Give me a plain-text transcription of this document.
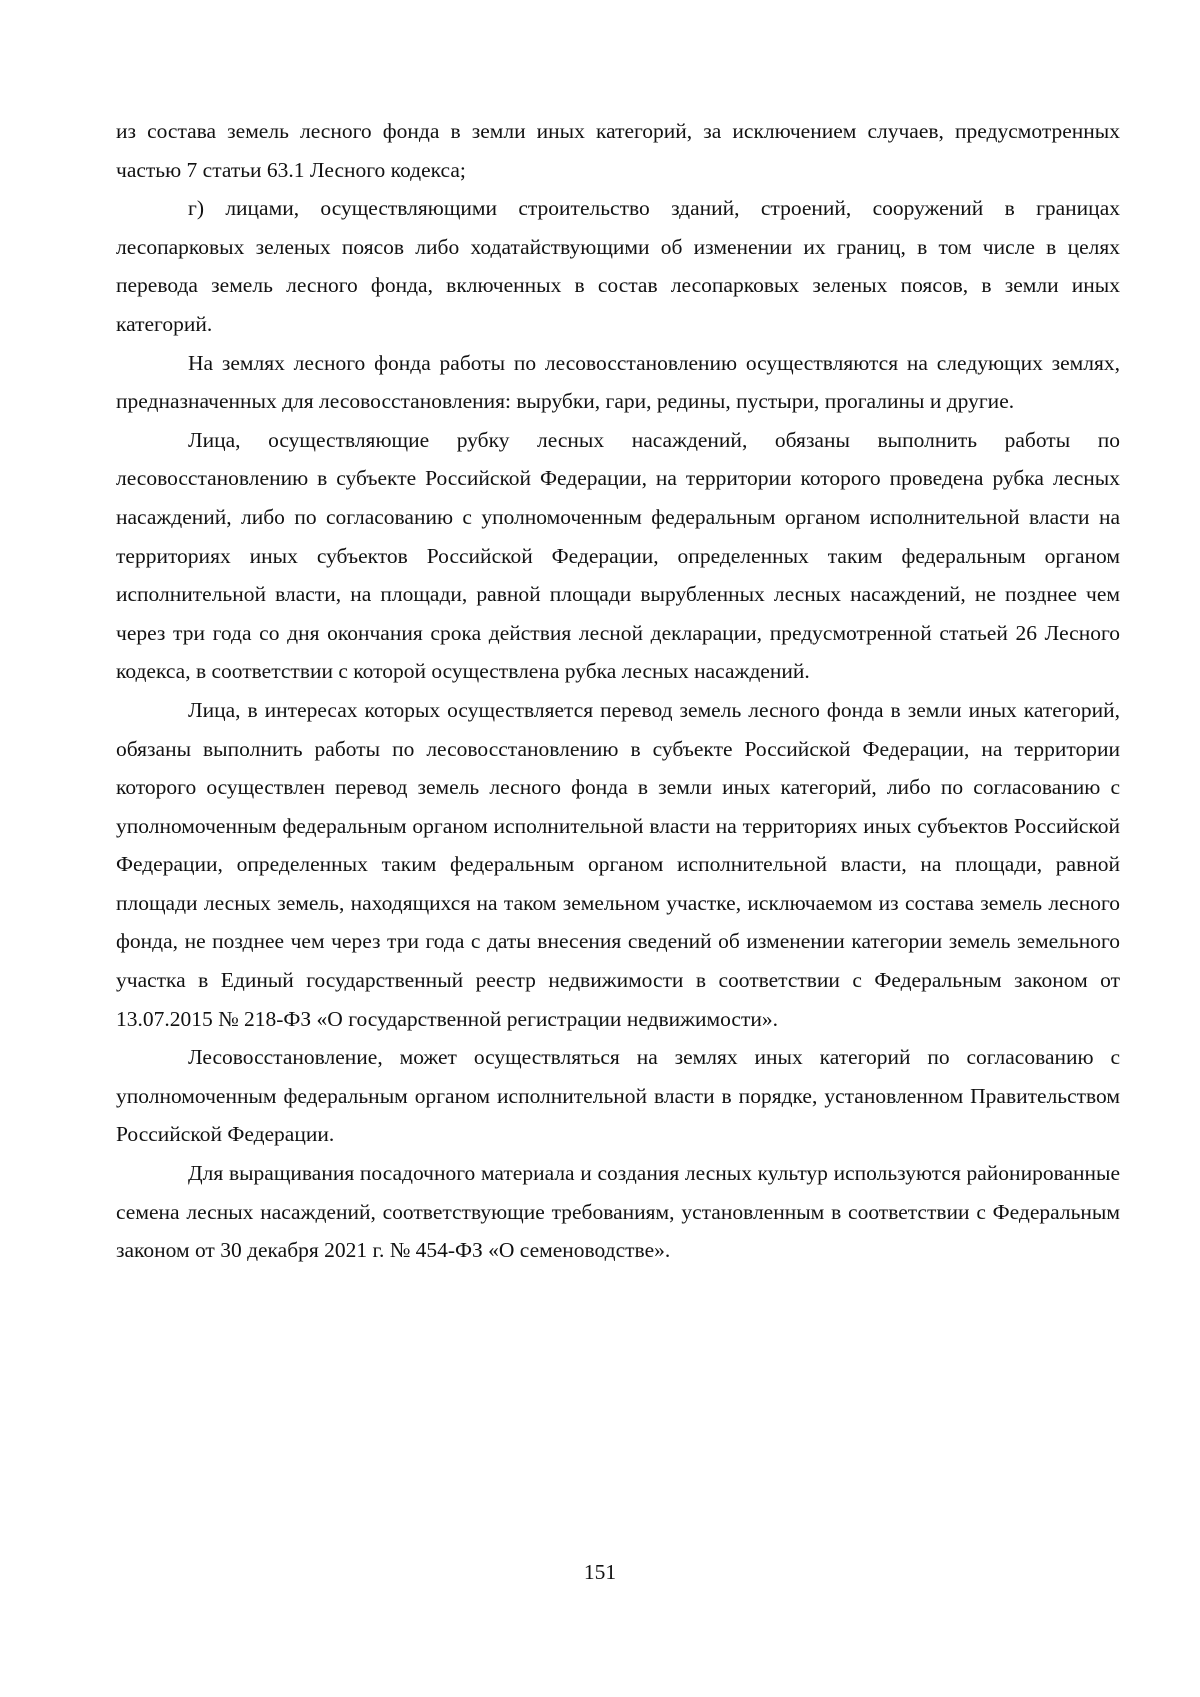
из состава земель лесного фонда в земли иных категорий, за исключением случаев, предусмотренных частью 7 статьи 63.1 Лесного кодекса;

г) лицами, осуществляющими строительство зданий, строений, сооружений в границах лесопарковых зеленых поясов либо ходатайствующими об изменении их границ, в том числе в целях перевода земель лесного фонда, включенных в состав лесопарковых зеленых поясов, в земли иных категорий.

На землях лесного фонда работы по лесовосстановлению осуществляются на следующих землях, предназначенных для лесовосстановления: вырубки, гари, редины, пустыри, прогалины и другие.

Лица, осуществляющие рубку лесных насаждений, обязаны выполнить работы по лесовосстановлению в субъекте Российской Федерации, на территории которого проведена рубка лесных насаждений, либо по согласованию с уполномоченным федеральным органом исполнительной власти на территориях иных субъектов Российской Федерации, определенных таким федеральным органом исполнительной власти, на площади, равной площади вырубленных лесных насаждений, не позднее чем через три года со дня окончания срока действия лесной декларации, предусмотренной статьей 26 Лесного кодекса, в соответствии с которой осуществлена рубка лесных насаждений.

Лица, в интересах которых осуществляется перевод земель лесного фонда в земли иных категорий, обязаны выполнить работы по лесовосстановлению в субъекте Российской Федерации, на территории которого осуществлен перевод земель лесного фонда в земли иных категорий, либо по согласованию с уполномоченным федеральным органом исполнительной власти на территориях иных субъектов Российской Федерации, определенных таким федеральным органом исполнительной власти, на площади, равной площади лесных земель, находящихся на таком земельном участке, исключаемом из состава земель лесного фонда, не позднее чем через три года с даты внесения сведений об изменении категории земель земельного участка в Единый государственный реестр недвижимости в соответствии с Федеральным законом от 13.07.2015 № 218-ФЗ «О государственной регистрации недвижимости».

Лесовосстановление, может осуществляться на землях иных категорий по согласованию с уполномоченным федеральным органом исполнительной власти в порядке, установленном Правительством Российской Федерации.

Для выращивания посадочного материала и создания лесных культур используются районированные семена лесных насаждений, соответствующие требованиям, установленным в соответствии с Федеральным законом от 30 декабря 2021 г. № 454-ФЗ «О семеноводстве».

151
